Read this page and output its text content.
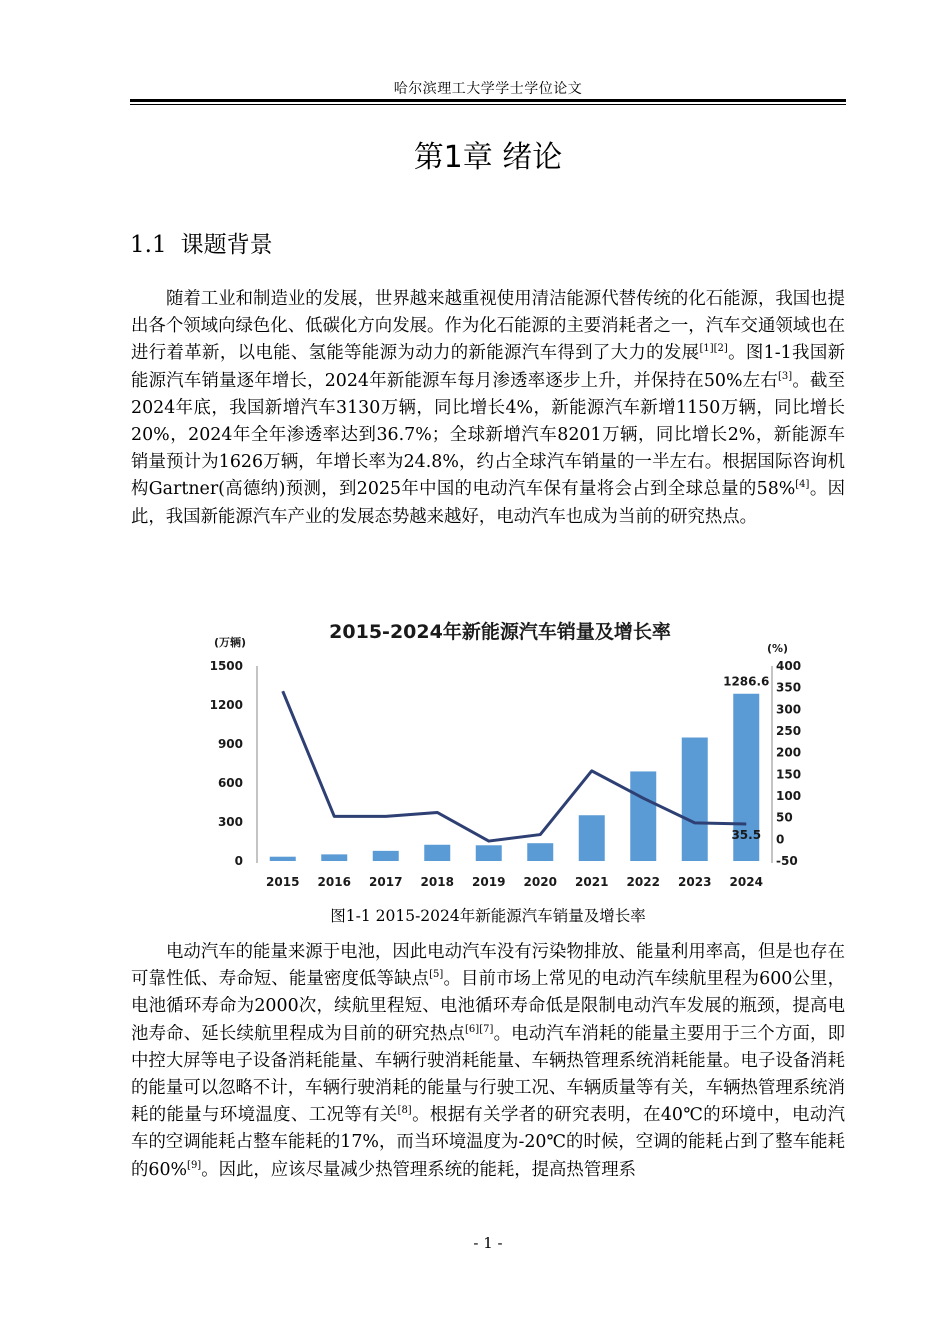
哈尔滨理工大学学士学位论文
第1章 绪论
1.1 课题背景

随着工业和制造业的发展，世界越来越重视使用清洁能源代替传统的化石能源，我国也提出各个领域向绿色化、低碳化方向发展。作为化石能源的主要消耗者之一，汽车交通领域也在进行着革新，以电能、氢能等能源为动力的新能源汽车得到了大力的发展[1][2]。图1-1我国新能源汽车销量逐年增长，2024年新能源车每月渗透率逐步上升，并保持在50%左右[3]。截至2024年底，我国新增汽车3130万辆，同比增长4%，新能源汽车新增1150万辆，同比增长20%，2024年全年渗透率达到36.7%；全球新增汽车8201万辆，同比增长2%，新能源车销量预计为1626万辆，年增长率为24.8%，约占全球汽车销量的一半左右。根据国际咨询机构Gartner(高德纳)预测，到2025年中国的电动汽车保有量将会占到全球总量的58%[4]。因此，我国新能源汽车产业的发展态势越来越好，电动汽车也成为当前的研究热点。

2015-2024年新能源汽车销量及增长率
(万辆)	(%)
0
300
600
900
1200
1500
-50
0
50
100
150
200
250
300
350
400
2015 2016 2017 2018 2019 2020 2021 2022 2023 2024
1286.6
35.5
图1-1 2015-2024年新能源汽车销量及增长率

电动汽车的能量来源于电池，因此电动汽车没有污染物排放、能量利用率高，但是也存在可靠性低、寿命短、能量密度低等缺点[5]。目前市场上常见的电动汽车续航里程为600公里，电池循环寿命为2000次，续航里程短、电池循环寿命低是限制电动汽车发展的瓶颈，提高电池寿命、延长续航里程成为目前的研究热点[6][7]。电动汽车消耗的能量主要用于三个方面，即中控大屏等电子设备消耗能量、车辆行驶消耗能量、车辆热管理系统消耗能量。电子设备消耗的能量可以忽略不计，车辆行驶消耗的能量与行驶工况、车辆质量等有关，车辆热管理系统消耗的能量与环境温度、工况等有关[8]。根据有关学者的研究表明，在40℃的环境中，电动汽车的空调能耗占整车能耗的17%，而当环境温度为-20℃的时候，空调的能耗占到了整车能耗的60%[9]。因此，应该尽量减少热管理系统的能耗，提高热管理系

- 1 -
